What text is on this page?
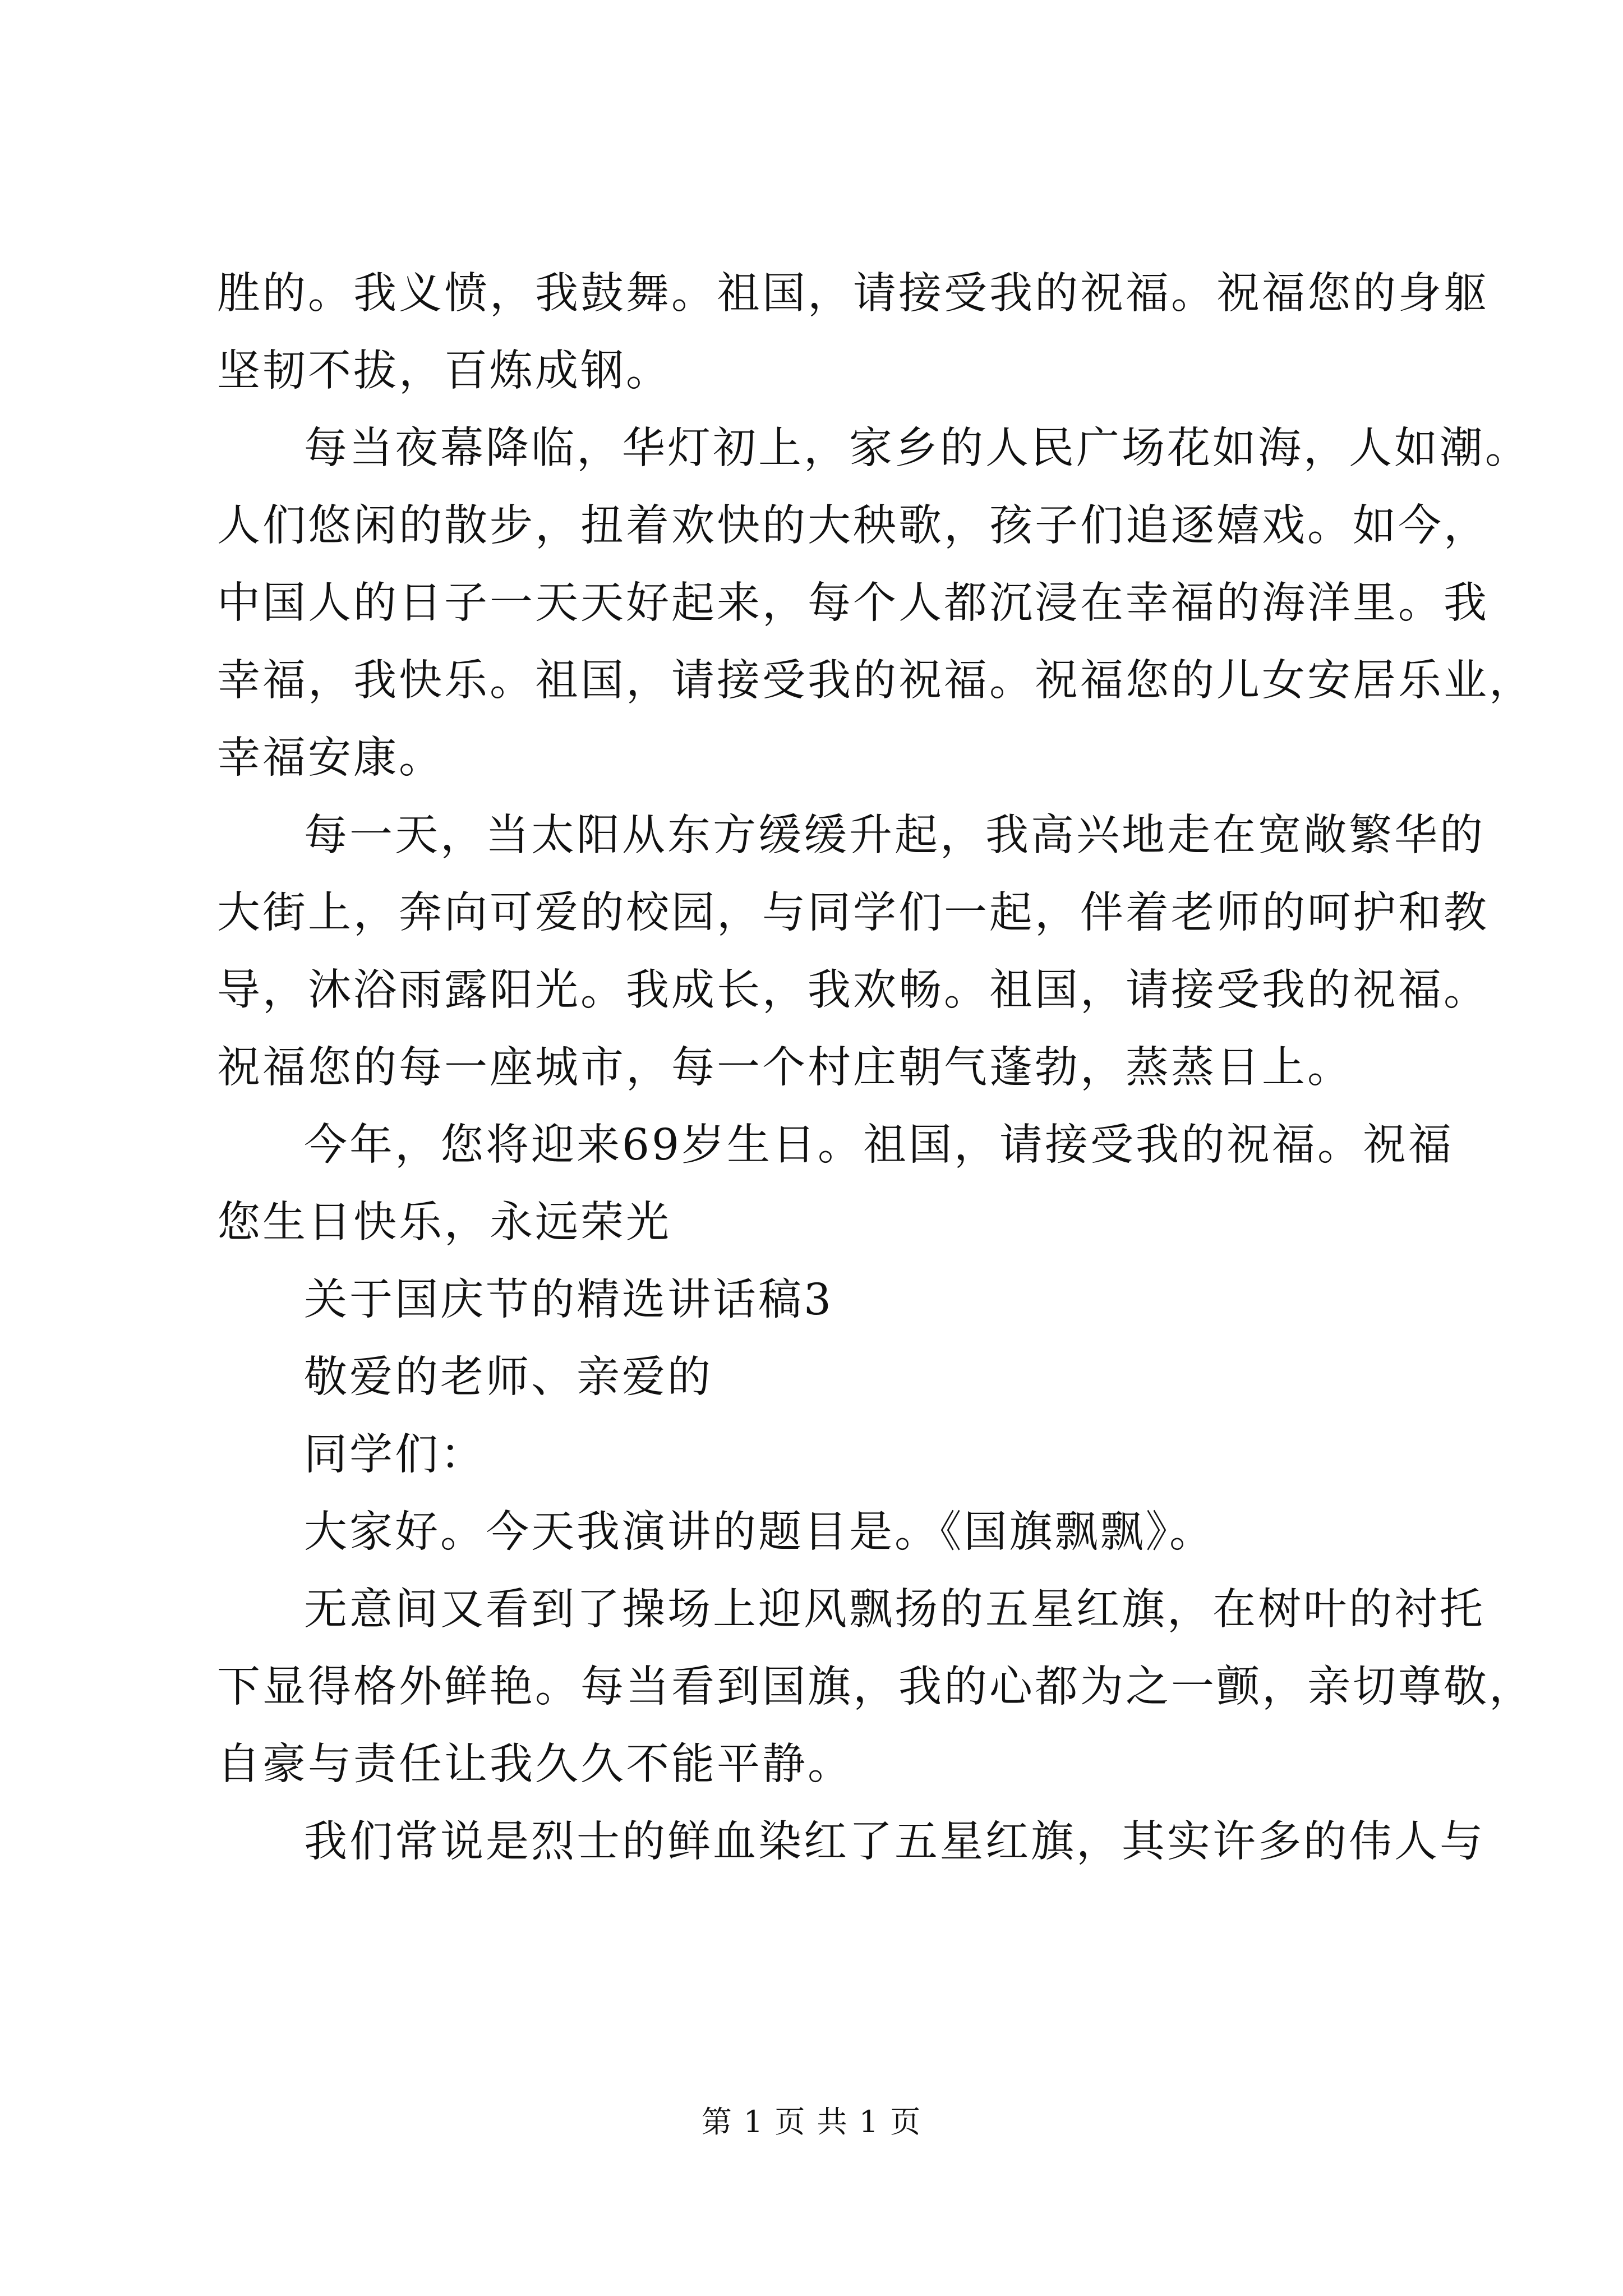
胜的。我义愤，我鼓舞。祖国，请接受我的祝福。祝福您的身躯
坚韧不拔，百炼成钢。
每当夜幕降临，华灯初上，家乡的人民广场花如海，人如潮。
人们悠闲的散步，扭着欢快的大秧歌，孩子们追逐嬉戏。如今，
中国人的日子一天天好起来，每个人都沉浸在幸福的海洋里。我
幸福，我快乐。祖国，请接受我的祝福。祝福您的儿女安居乐业，
幸福安康。
每一天，当太阳从东方缓缓升起，我高兴地走在宽敞繁华的
大街上，奔向可爱的校园，与同学们一起，伴着老师的呵护和教
导，沐浴雨露阳光。我成长，我欢畅。祖国，请接受我的祝福。
祝福您的每一座城市，每一个村庄朝气蓬勃，蒸蒸日上。
今年，您将迎来69岁生日。祖国，请接受我的祝福。祝福
您生日快乐，永远荣光
关于国庆节的精选讲话稿3
敬爱的老师、亲爱的
同学们：
大家好。今天我演讲的题目是。《国旗飘飘》。
无意间又看到了操场上迎风飘扬的五星红旗，在树叶的衬托
下显得格外鲜艳。每当看到国旗，我的心都为之一颤，亲切尊敬，
自豪与责任让我久久不能平静。
我们常说是烈士的鲜血染红了五星红旗，其实许多的伟人与
第 1 页 共 1 页
